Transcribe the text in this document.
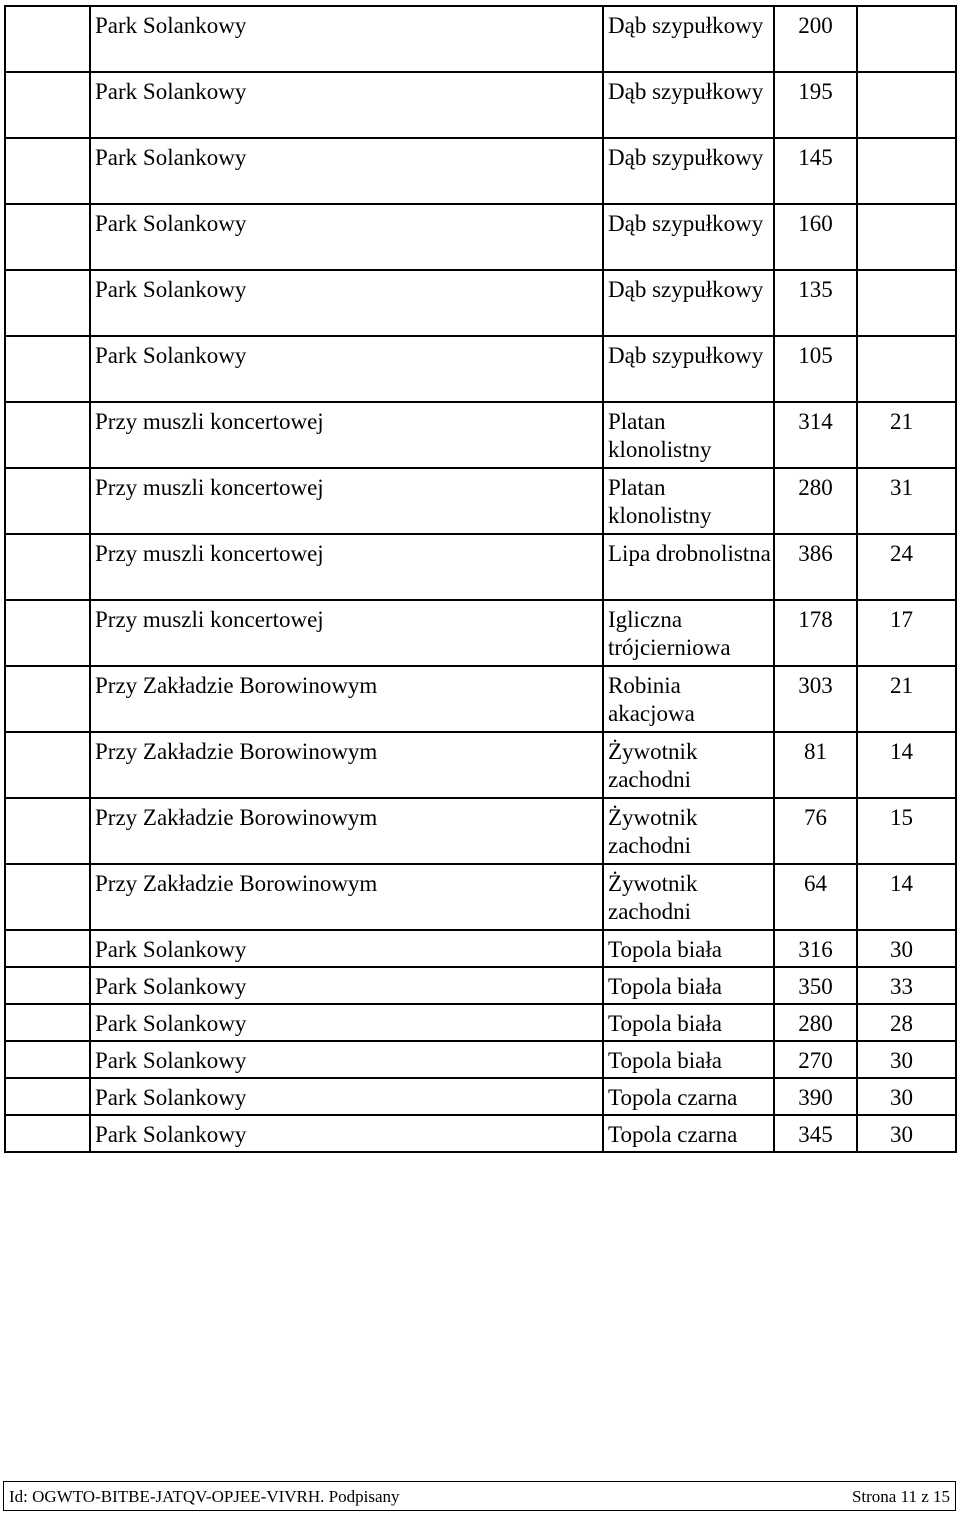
	Park Solankowy	Dąb szypułkowy	200	

	Park Solankowy	Dąb szypułkowy	195	

	Park Solankowy	Dąb szypułkowy	145	

	Park Solankowy	Dąb szypułkowy	160	

	Park Solankowy	Dąb szypułkowy	135	

	Park Solankowy	Dąb szypułkowy	105	

	Przy muszli koncertowej	Platan klonolistny	314	21

	Przy muszli koncertowej	Platan klonolistny	280	31

	Przy muszli koncertowej	Lipa drobnolistna	386	24

	Przy muszli koncertowej	Igliczna trójcierniowa	178	17

	Przy Zakładzie Borowinowym	Robinia akacjowa	303	21

	Przy Zakładzie Borowinowym	Żywotnik zachodni	81	14

	Przy Zakładzie Borowinowym	Żywotnik zachodni	76	15

	Przy Zakładzie Borowinowym	Żywotnik zachodni	64	14

	Park Solankowy	Topola biała	316	30

	Park Solankowy	Topola biała	350	33

	Park Solankowy	Topola biała	280	28

	Park Solankowy	Topola biała	270	30

	Park Solankowy	Topola czarna	390	30

	Park Solankowy	Topola czarna	345	30
Id: OGWTO-BITBE-JATQV-OPJEE-VIVRH. Podpisany	Strona 11 z 15
